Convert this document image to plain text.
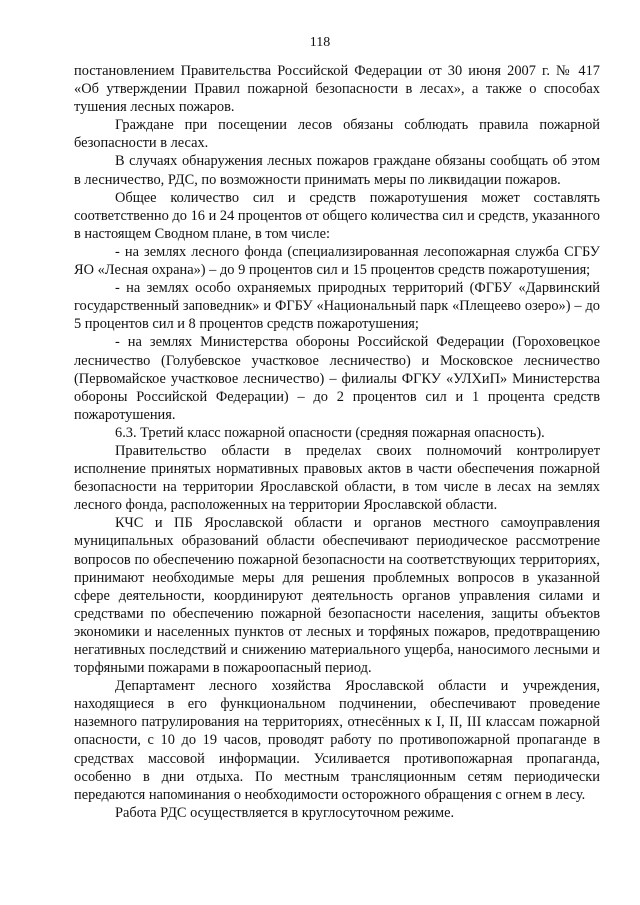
118

постановлением Правительства Российской Федерации от 30 июня 2007 г. № 417 «Об утверждении Правил пожарной безопасности в лесах», а также о способах тушения лесных пожаров.

Граждане при посещении лесов обязаны соблюдать правила пожарной безопасности в лесах.

В случаях обнаружения лесных пожаров граждане обязаны сообщать об этом в лесничество, РДС, по возможности принимать меры по ликвидации пожаров.

Общее количество сил и средств пожаротушения может составлять соответственно до 16 и 24 процентов от общего количества сил и средств, указанного в настоящем Сводном плане, в том числе:

- на землях лесного фонда (специализированная лесопожарная служба СГБУ ЯО «Лесная охрана») – до 9 процентов сил и 15 процентов средств пожаротушения;

- на землях особо охраняемых природных территорий (ФГБУ «Дарвинский государственный заповедник» и ФГБУ «Национальный парк «Плещеево озеро») – до 5 процентов сил и 8 процентов средств пожаротушения;

- на землях Министерства обороны Российской Федерации (Гороховецкое лесничество (Голубевское участковое лесничество) и Московское лесничество (Первомайское участковое лесничество) – филиалы ФГКУ «УЛХиП» Министерства обороны Российской Федерации) – до 2 процентов сил и 1 процента средств пожаротушения.

6.3. Третий класс пожарной опасности (средняя пожарная опасность).

Правительство области в пределах своих полномочий контролирует исполнение принятых нормативных правовых актов в части обеспечения пожарной безопасности на территории Ярославской области, в том числе в лесах на землях лесного фонда, расположенных на территории Ярославской области.

КЧС и ПБ Ярославской области и органов местного самоуправления муниципальных образований области обеспечивают периодическое рассмотрение вопросов по обеспечению пожарной безопасности на соответствующих территориях, принимают необходимые меры для решения проблемных вопросов в указанной сфере деятельности, координируют деятельность органов управления силами и средствами по обеспечению пожарной безопасности населения, защиты объектов экономики и населенных пунктов от лесных и торфяных пожаров, предотвращению негативных последствий и снижению материального ущерба, наносимого лесными и торфяными пожарами в пожароопасный период.

Департамент лесного хозяйства Ярославской области и учреждения, находящиеся в его функциональном подчинении, обеспечивают проведение наземного патрулирования на территориях, отнесённых к I, II, III классам пожарной опасности, с 10 до 19 часов, проводят работу по противопожарной пропаганде в средствах массовой информации. Усиливается противопожарная пропаганда, особенно в дни отдыха. По местным трансляционным сетям периодически передаются напоминания о необходимости осторожного обращения с огнем в лесу.

Работа РДС осуществляется в круглосуточном режиме.
